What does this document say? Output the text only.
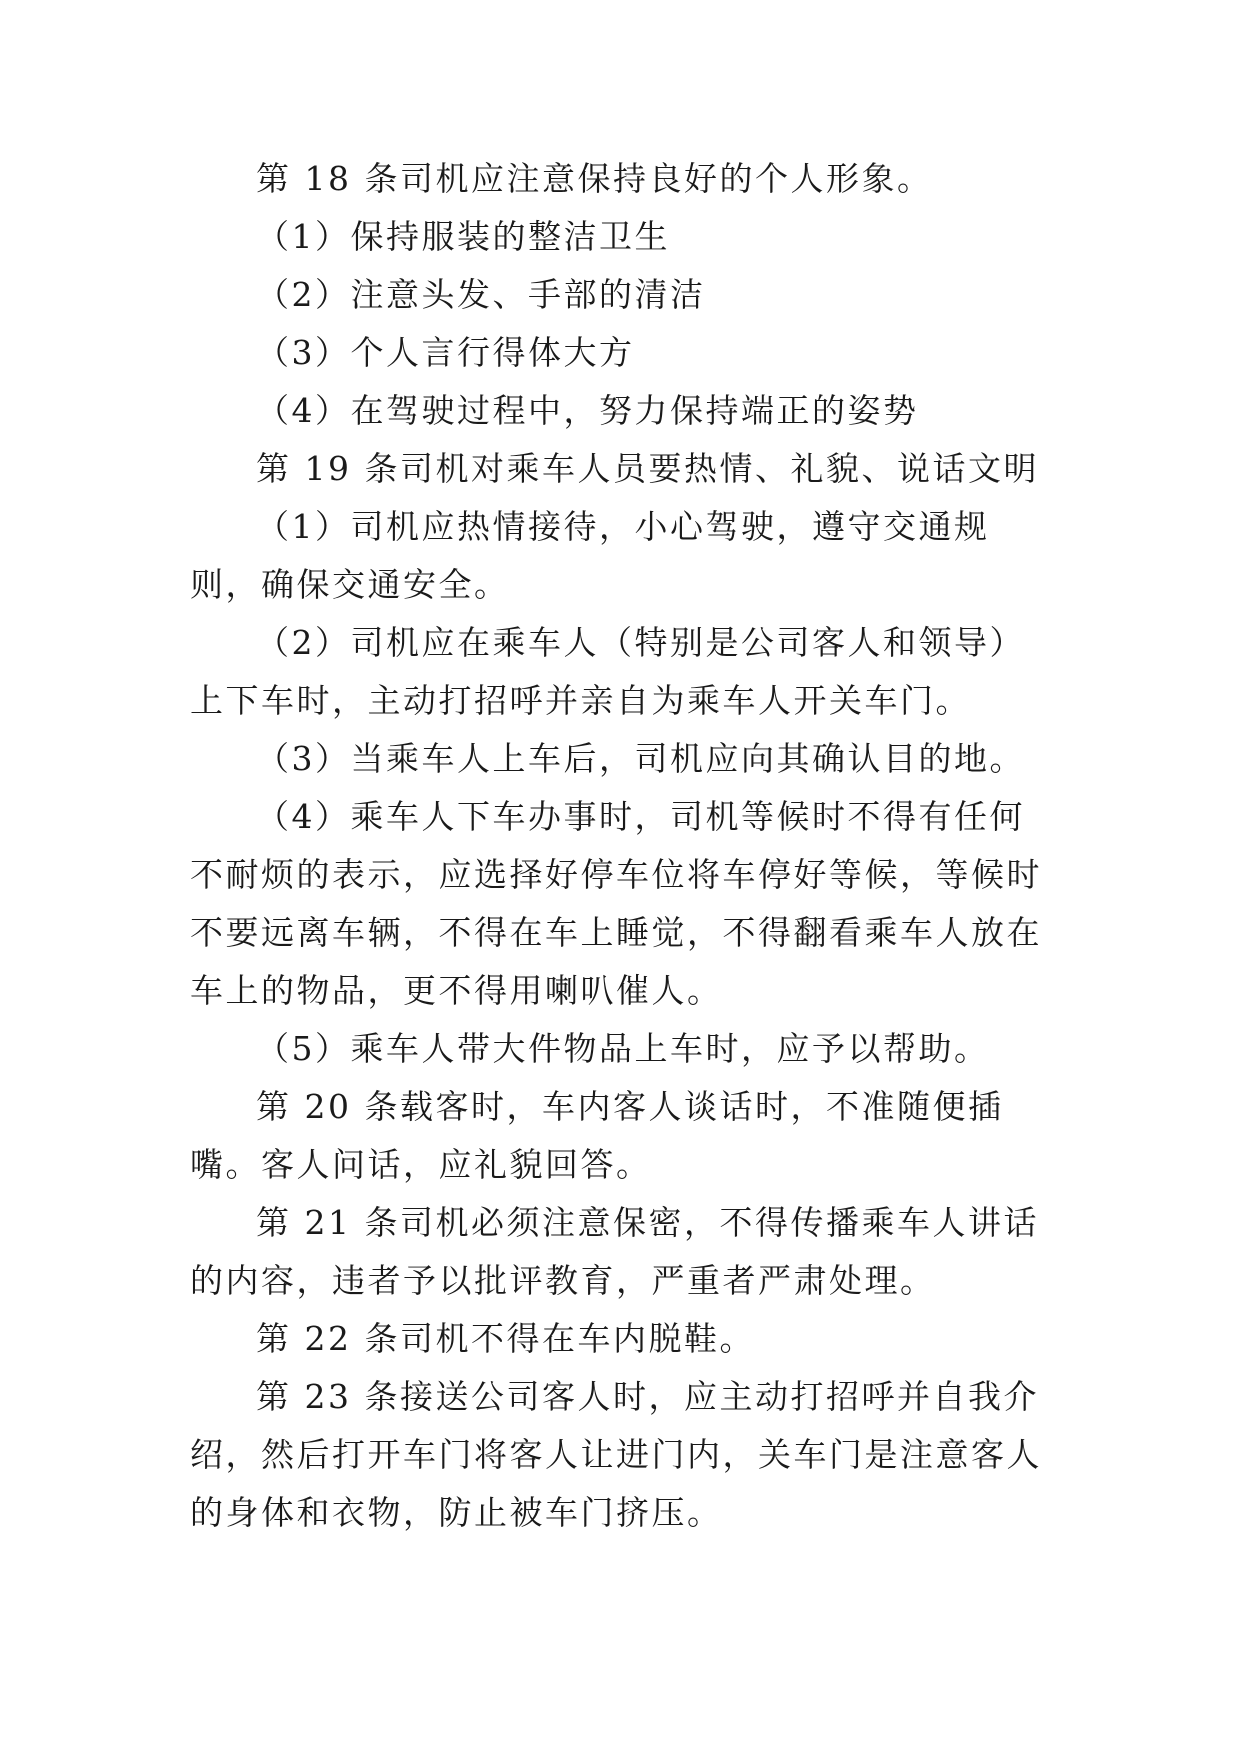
第 18 条司机应注意保持良好的个人形象。

（1）保持服装的整洁卫生

（2）注意头发、手部的清洁

（3）个人言行得体大方

（4）在驾驶过程中，努力保持端正的姿势

第 19 条司机对乘车人员要热情、礼貌、说话文明

（1）司机应热情接待，小心驾驶，遵守交通规则，确保交通安全。

（2）司机应在乘车人（特别是公司客人和领导）上下车时，主动打招呼并亲自为乘车人开关车门。

（3）当乘车人上车后，司机应向其确认目的地。

（4）乘车人下车办事时，司机等候时不得有任何不耐烦的表示，应选择好停车位将车停好等候，等候时不要远离车辆，不得在车上睡觉，不得翻看乘车人放在车上的物品，更不得用喇叭催人。

（5）乘车人带大件物品上车时，应予以帮助。

第 20 条载客时，车内客人谈话时，不准随便插嘴。客人问话，应礼貌回答。

第 21 条司机必须注意保密，不得传播乘车人讲话的内容，违者予以批评教育，严重者严肃处理。

第 22 条司机不得在车内脱鞋。

第 23 条接送公司客人时，应主动打招呼并自我介绍，然后打开车门将客人让进门内，关车门是注意客人的身体和衣物，防止被车门挤压。
